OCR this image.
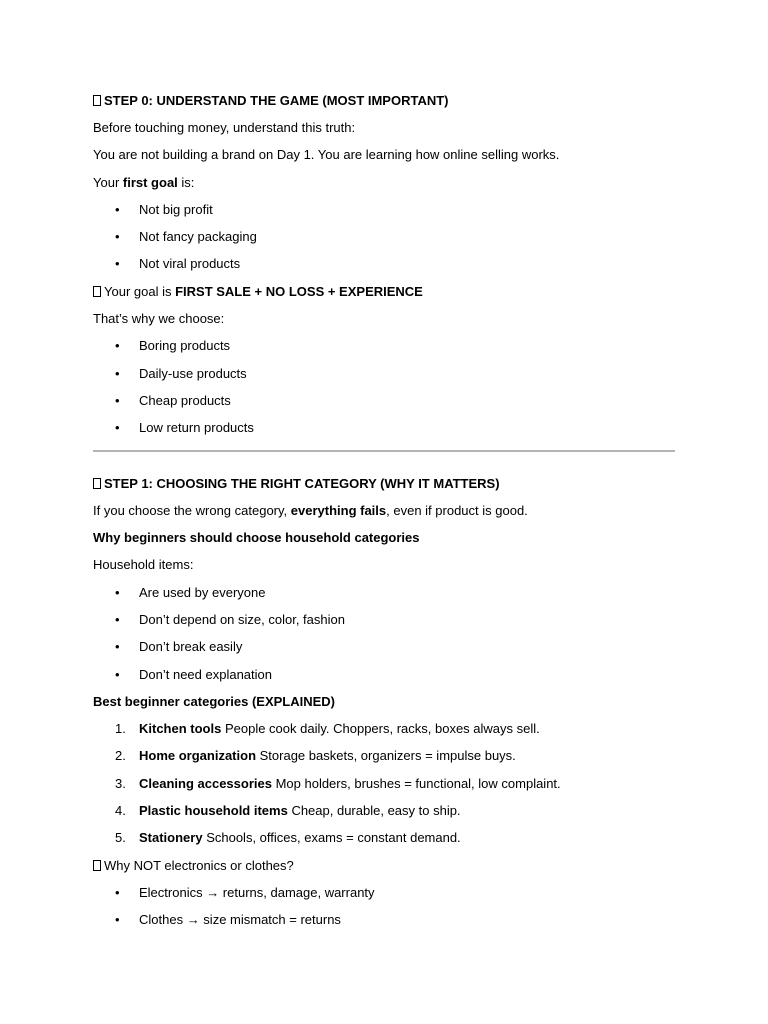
STEP 0: UNDERSTAND THE GAME (MOST IMPORTANT)
Before touching money, understand this truth:
You are not building a brand on Day 1. You are learning how online selling works.
Your first goal is:
• Not big profit
• Not fancy packaging
• Not viral products
Your goal is FIRST SALE + NO LOSS + EXPERIENCE
That’s why we choose:
• Boring products
• Daily-use products
• Cheap products
• Low return products
STEP 1: CHOOSING THE RIGHT CATEGORY (WHY IT MATTERS)
If you choose the wrong category, everything fails , even if product is good.
Why beginners should choose household categories
Household items:
• Are used by everyone
• Don’t depend on size, color, fashion
• Don’t break easily
• Don’t need explanation
Best beginner categories (EXPLAINED)
1. Kitchen tools People cook daily. Choppers, racks, boxes always sell.
2. Home organization Storage baskets, organizers = impulse buys.
3. Cleaning accessories Mop holders, brushes = functional, low complaint.
4. Plastic household items Cheap, durable, easy to ship.
5. Stationery Schools, offices, exams = constant demand.
Why NOT electronics or clothes?
• Electronics → returns, damage, warranty
• Clothes → size mismatch = returns
